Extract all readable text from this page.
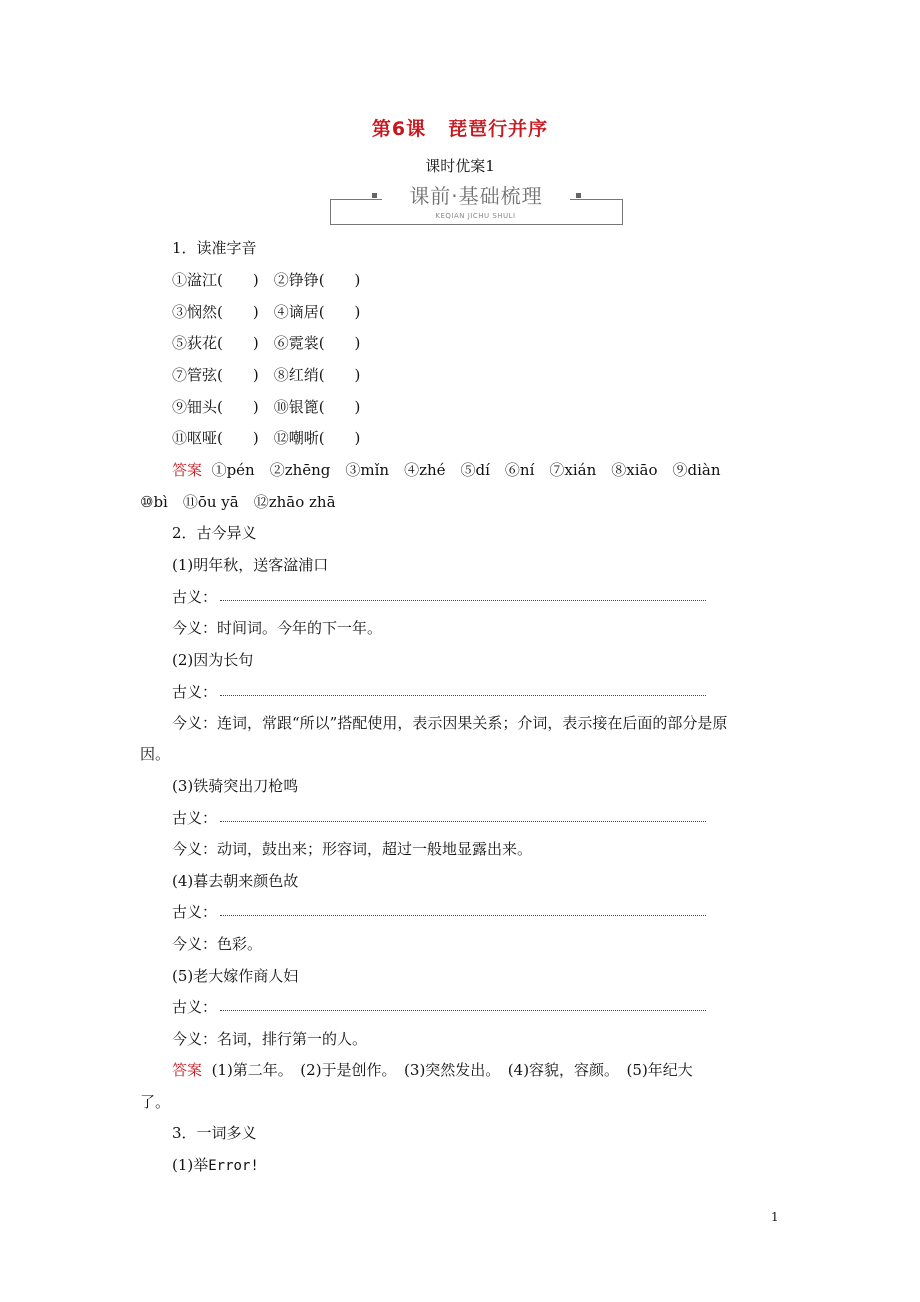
第6课 琵琶行并序
课时优案1
课前·基础梳理
KEQIAN JICHU SHULI
1．读准字音
①湓江(　　)　②铮铮(　　)
③悯然(　　)　④谪居(　　)
⑤荻花(　　)　⑥霓裳(　　)
⑦管弦(　　)　⑧红绡(　　)
⑨钿头(　　)　⑩银篦(　　)
⑪呕哑(　　)　⑫嘲哳(　　)
答案 ①pén　②zhēng　③mǐn　④zhé　⑤dí　⑥ní　⑦xián　⑧xiāo　⑨diàn
⑩bì　⑪ōu yā　⑫zhāo zhā
2．古今异义
(1)明年秋，送客湓浦口
古义：
今义：时间词。今年的下一年。
(2)因为长句
古义：
今义：连词，常跟“所以”搭配使用，表示因果关系；介词，表示接在后面的部分是原
因。
(3)铁骑突出刀枪鸣
古义：
今义：动词，鼓出来；形容词，超过一般地显露出来。
(4)暮去朝来颜色故
古义：
今义：色彩。
(5)老大嫁作商人妇
古义：
今义：名词，排行第一的人。
答案 (1)第二年。　(2)于是创作。　(3)突然发出。　(4)容貌，容颜。　(5)年纪大
了。
3．一词多义
(1)举Error!
1
